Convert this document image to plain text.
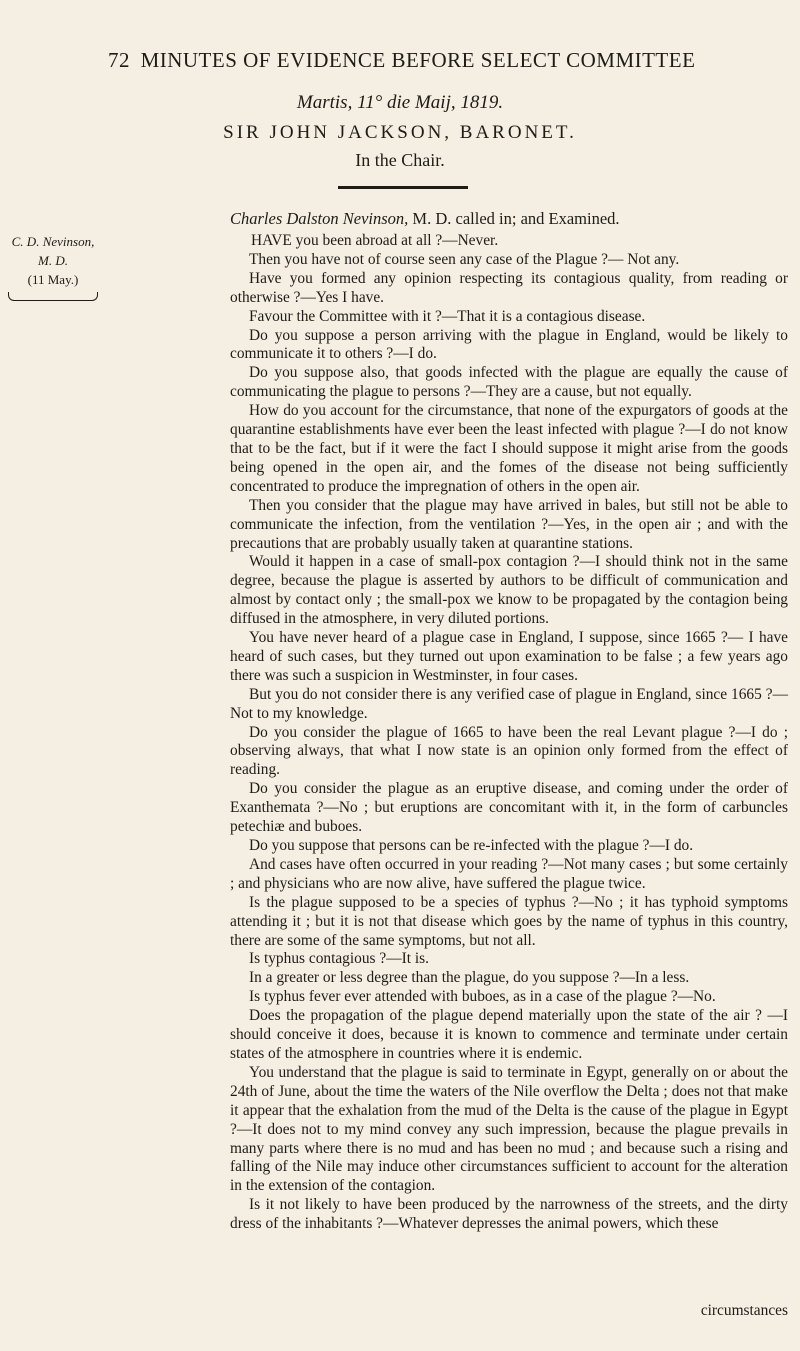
72 MINUTES OF EVIDENCE BEFORE SELECT COMMITTEE
Martis, 11° die Maij, 1819.
SIR JOHN JACKSON, BARONET.
In the Chair.
Charles Dalston Nevinson, M. D. called in; and Examined.
C. D. Nevinson, M. D.
(11 May.)

HAVE you been abroad at all ?—Never.

Then you have not of course seen any case of the Plague ?— Not any.

Have you formed any opinion respecting its contagious quality, from reading or otherwise ?—Yes I have.

Favour the Committee with it ?—That it is a contagious disease.

Do you suppose a person arriving with the plague in England, would be likely to communicate it to others ?—I do.

Do you suppose also, that goods infected with the plague are equally the cause of communicating the plague to persons ?—They are a cause, but not equally.

How do you account for the circumstance, that none of the expurgators of goods at the quarantine establishments have ever been the least infected with plague ?—I do not know that to be the fact, but if it were the fact I should suppose it might arise from the goods being opened in the open air, and the fomes of the disease not being sufficiently concentrated to produce the impregnation of others in the open air.

Then you consider that the plague may have arrived in bales, but still not be able to communicate the infection, from the ventilation ?—Yes, in the open air ; and with the precautions that are probably usually taken at quarantine stations.

Would it happen in a case of small-pox contagion ?—I should think not in the same degree, because the plague is asserted by authors to be difficult of communication and almost by contact only ; the small-pox we know to be propagated by the contagion being diffused in the atmosphere, in very diluted portions.

You have never heard of a plague case in England, I suppose, since 1665 ?— I have heard of such cases, but they turned out upon examination to be false ; a few years ago there was such a suspicion in Westminster, in four cases.

But you do not consider there is any verified case of plague in England, since 1665 ?—Not to my knowledge.

Do you consider the plague of 1665 to have been the real Levant plague ?—I do ; observing always, that what I now state is an opinion only formed from the effect of reading.

Do you consider the plague as an eruptive disease, and coming under the order of Exanthemata ?—No ; but eruptions are concomitant with it, in the form of carbuncles petechiæ and buboes.

Do you suppose that persons can be re-infected with the plague ?—I do.

And cases have often occurred in your reading ?—Not many cases ; but some certainly ; and physicians who are now alive, have suffered the plague twice.

Is the plague supposed to be a species of typhus ?—No ; it has typhoid symptoms attending it ; but it is not that disease which goes by the name of typhus in this country, there are some of the same symptoms, but not all.

Is typhus contagious ?—It is.

In a greater or less degree than the plague, do you suppose ?—In a less.

Is typhus fever ever attended with buboes, as in a case of the plague ?—No.

Does the propagation of the plague depend materially upon the state of the air ? —I should conceive it does, because it is known to commence and terminate under certain states of the atmosphere in countries where it is endemic.

You understand that the plague is said to terminate in Egypt, generally on or about the 24th of June, about the time the waters of the Nile overflow the Delta ; does not that make it appear that the exhalation from the mud of the Delta is the cause of the plague in Egypt ?—It does not to my mind convey any such impression, because the plague prevails in many parts where there is no mud and has been no mud ; and because such a rising and falling of the Nile may induce other circumstances sufficient to account for the alteration in the extension of the contagion.

Is it not likely to have been produced by the narrowness of the streets, and the dirty dress of the inhabitants ?—Whatever depresses the animal powers, which these

circumstances
